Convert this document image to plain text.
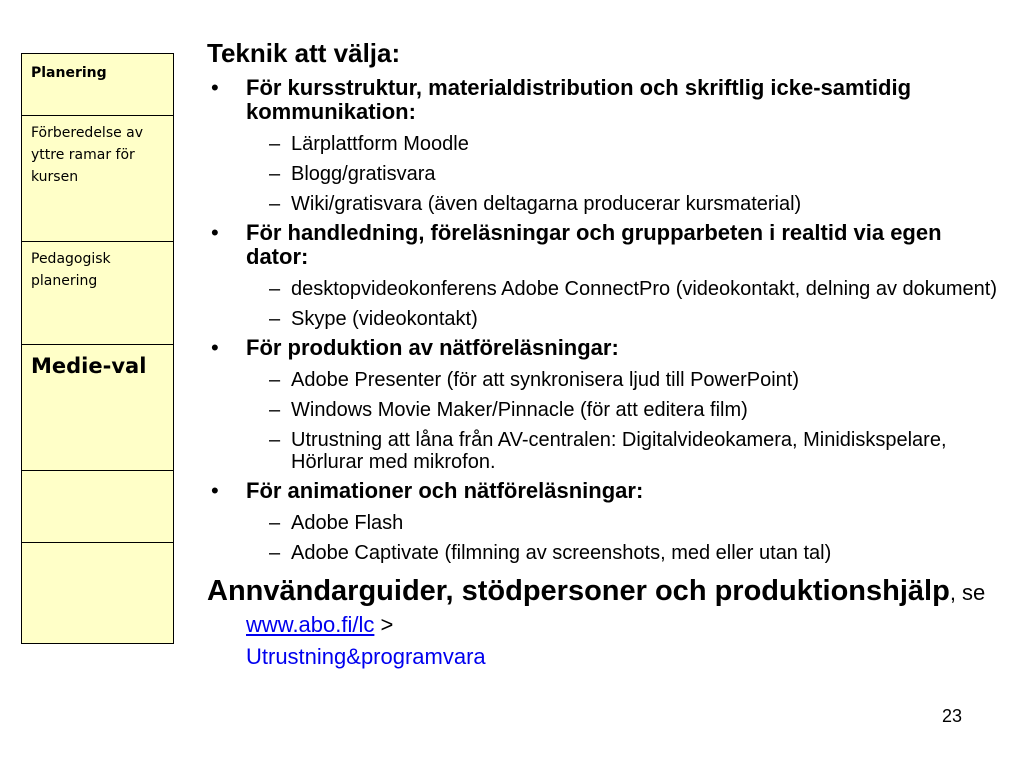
Planering
Förberedelse av yttre ramar för kursen
Pedagogisk planering
Medie-val
Teknik att välja:
• För kursstruktur, materialdistribution och skriftlig icke-samtidig kommunikation:
– Lärplattform Moodle
– Blogg/gratisvara
– Wiki/gratisvara (även deltagarna producerar kursmaterial)
• För handledning, föreläsningar och grupparbeten i realtid via egen dator:
– desktopvideokonferens Adobe ConnectPro (videokontakt, delning av dokument)
– Skype (videokontakt)
• För produktion av nätföreläsningar:
– Adobe Presenter (för att synkronisera ljud till PowerPoint)
– Windows Movie Maker/Pinnacle (för att editera film)
– Utrustning att låna från AV-centralen: Digitalvideokamera, Minidiskspelare, Hörlurar med mikrofon.
• För animationer och nätföreläsningar:
– Adobe Flash
– Adobe Captivate (filmning av screenshots, med eller utan tal)
Annvändarguider, stödpersoner och produktionshjälp, se www.abo.fi/lc >
Utrustning&programvara
23
